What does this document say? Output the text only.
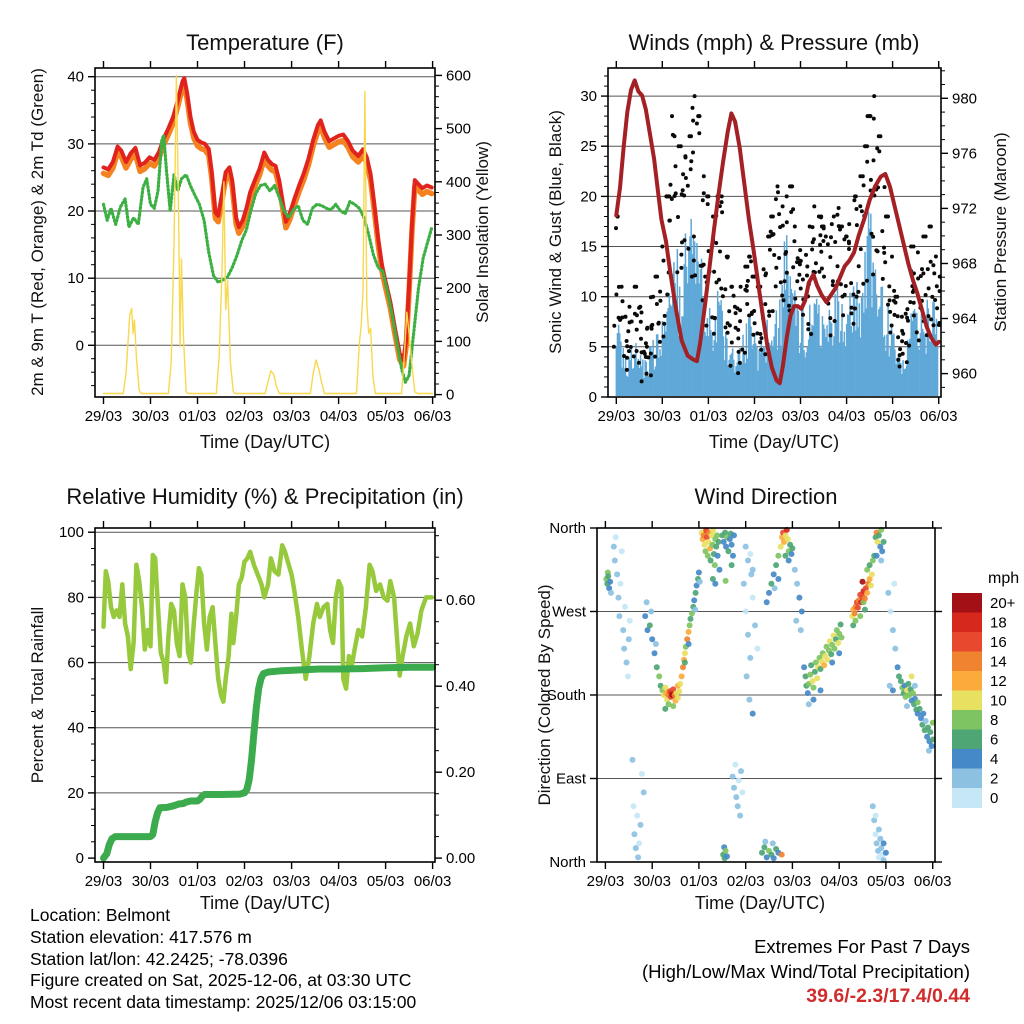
29/03 30/03 01/03 02/03 03/03 04/03 05/03 06/03
0
10
20
30
40
0
100
200
300
400
500
600
29/03 30/03 01/03 02/03 03/03 04/03 05/03 06/03
0
5
10
15
20
25
30
960
964
968
972
976
980
29/03 30/03 01/03 02/03 03/03 04/03 05/03 06/03
0
20
40
60
80
100
0.00
0.20
0.40
0.60
29/03 30/03 01/03 02/03 03/03 04/03 05/03 06/03
North
West
South
East
North
20+
18
16
14
12
10
8
6
4
2
0
mph
Temperature (F)	Winds (mph) & Pressure (mb)
Relative Humidity (%) & Precipitation (in)	Wind Direction
2m & 9m T (Red, Orange) & 2m Td (Green)	Solar Insolation (Yellow)	Sonic Wind & Gust (Blue, Black)	Station Pressure (Maroon)
Percent & Total Rainfall	Direction (Colored By Speed)
Time (Day/UTC)	Time (Day/UTC)
Time (Day/UTC)	Time (Day/UTC)
Location: Belmont
Station elevation: 417.576 m
Station lat/lon: 42.2425; -78.0396
Figure created on Sat, 2025-12-06, at 03:30 UTC
Most recent data timestamp: 2025/12/06 03:15:00
Extremes For Past 7 Days
(High/Low/Max Wind/Total Precipitation)
39.6/-2.3/17.4/0.44
